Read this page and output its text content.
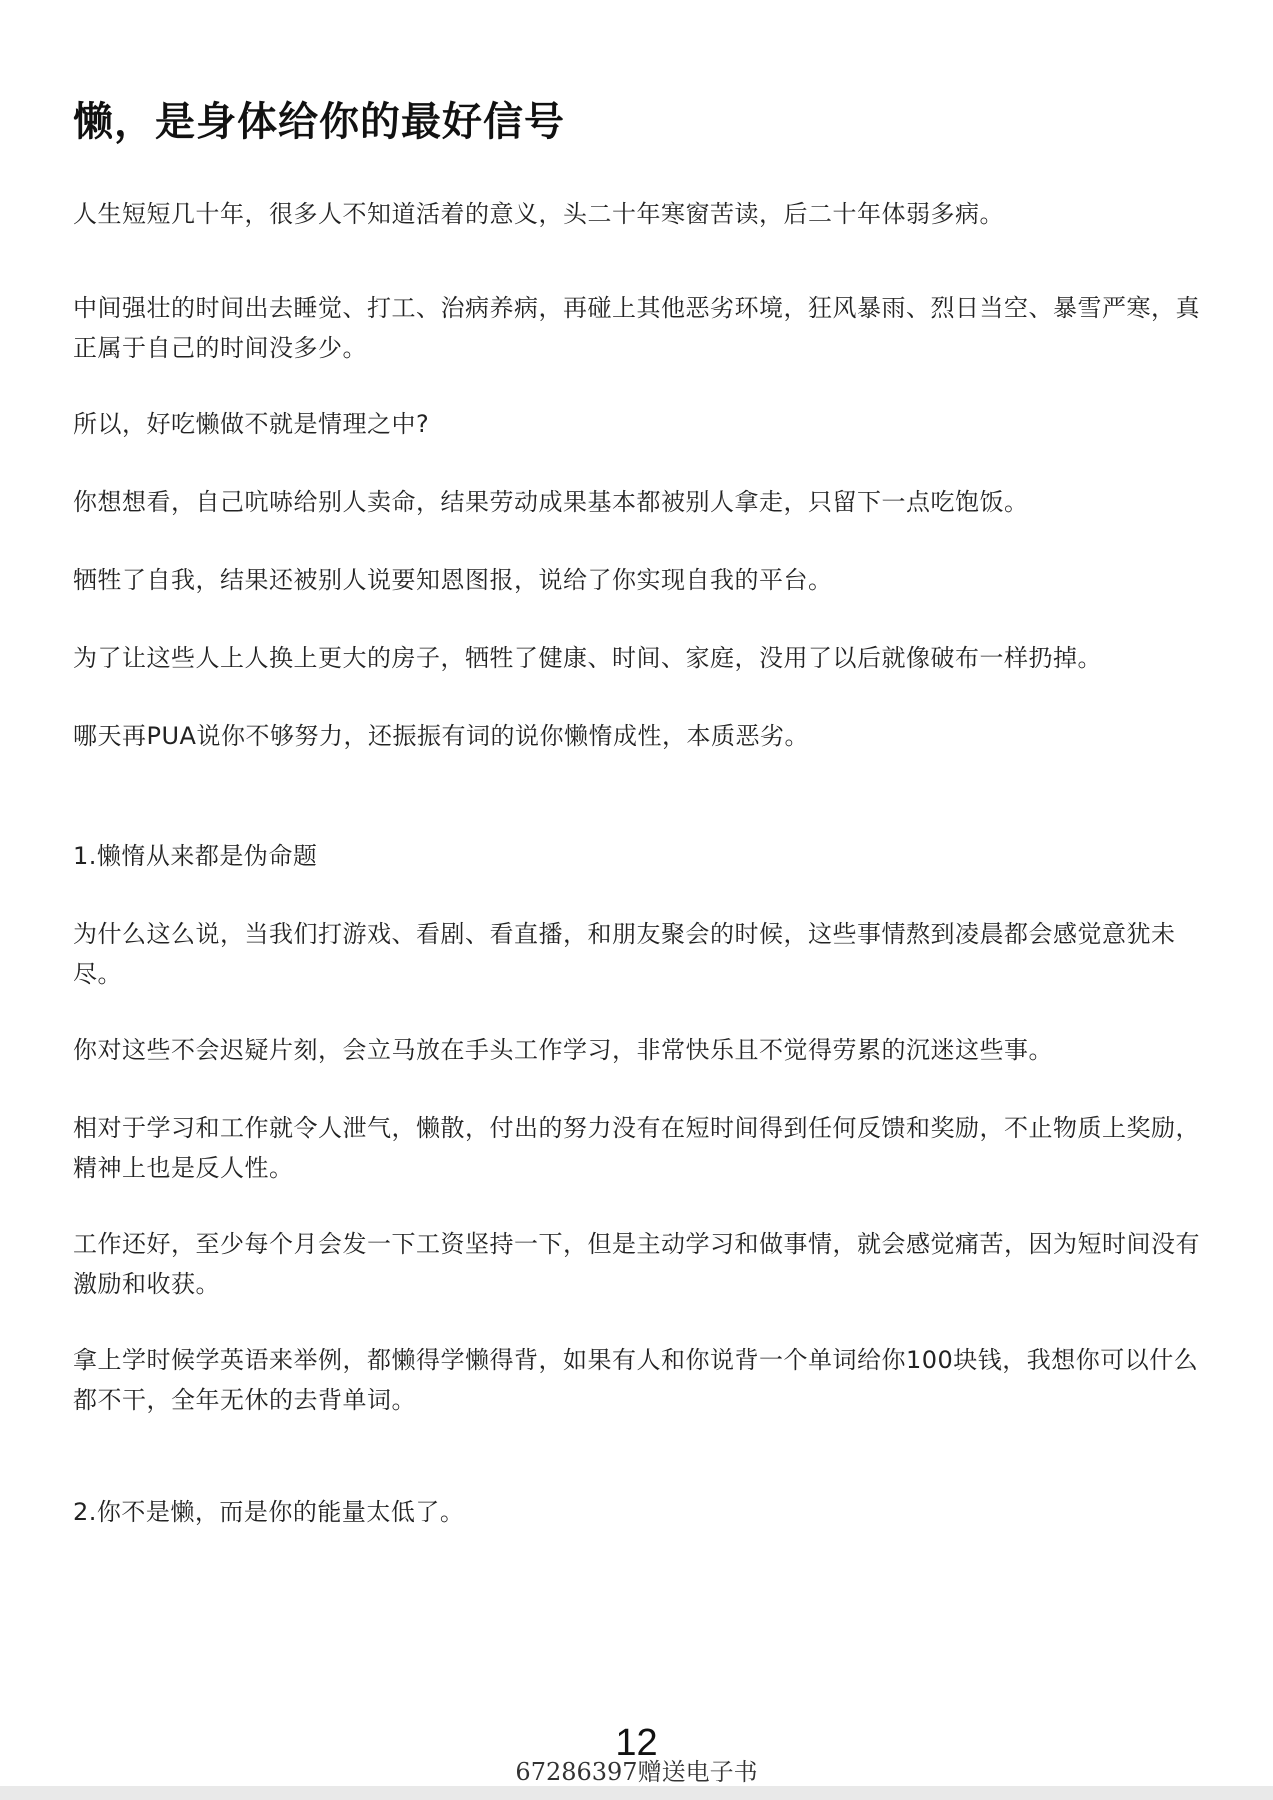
懒，是身体给你的最好信号

人生短短几十年，很多人不知道活着的意义，头二十年寒窗苦读，后二十年体弱多病。

中间强壮的时间出去睡觉、打工、治病养病，再碰上其他恶劣环境，狂风暴雨、烈日当空、暴雪严寒，真正属于自己的时间没多少。

所以，好吃懒做不就是情理之中?

你想想看，自己吭哧给别人卖命，结果劳动成果基本都被别人拿走，只留下一点吃饱饭。

牺牲了自我，结果还被别人说要知恩图报，说给了你实现自我的平台。

为了让这些人上人换上更大的房子，牺牲了健康、时间、家庭，没用了以后就像破布一样扔掉。

哪天再PUA说你不够努力，还振振有词的说你懒惰成性，本质恶劣。

1.懒惰从来都是伪命题

为什么这么说，当我们打游戏、看剧、看直播，和朋友聚会的时候，这些事情熬到凌晨都会感觉意犹未尽。

你对这些不会迟疑片刻，会立马放在手头工作学习，非常快乐且不觉得劳累的沉迷这些事。

相对于学习和工作就令人泄气，懒散，付出的努力没有在短时间得到任何反馈和奖励，不止物质上奖励，精神上也是反人性。

工作还好，至少每个月会发一下工资坚持一下，但是主动学习和做事情，就会感觉痛苦，因为短时间没有激励和收获。

拿上学时候学英语来举例，都懒得学懒得背，如果有人和你说背一个单词给你100块钱，我想你可以什么都不干，全年无休的去背单词。

2.你不是懒，而是你的能量太低了。

12
67286397赠送电子书
